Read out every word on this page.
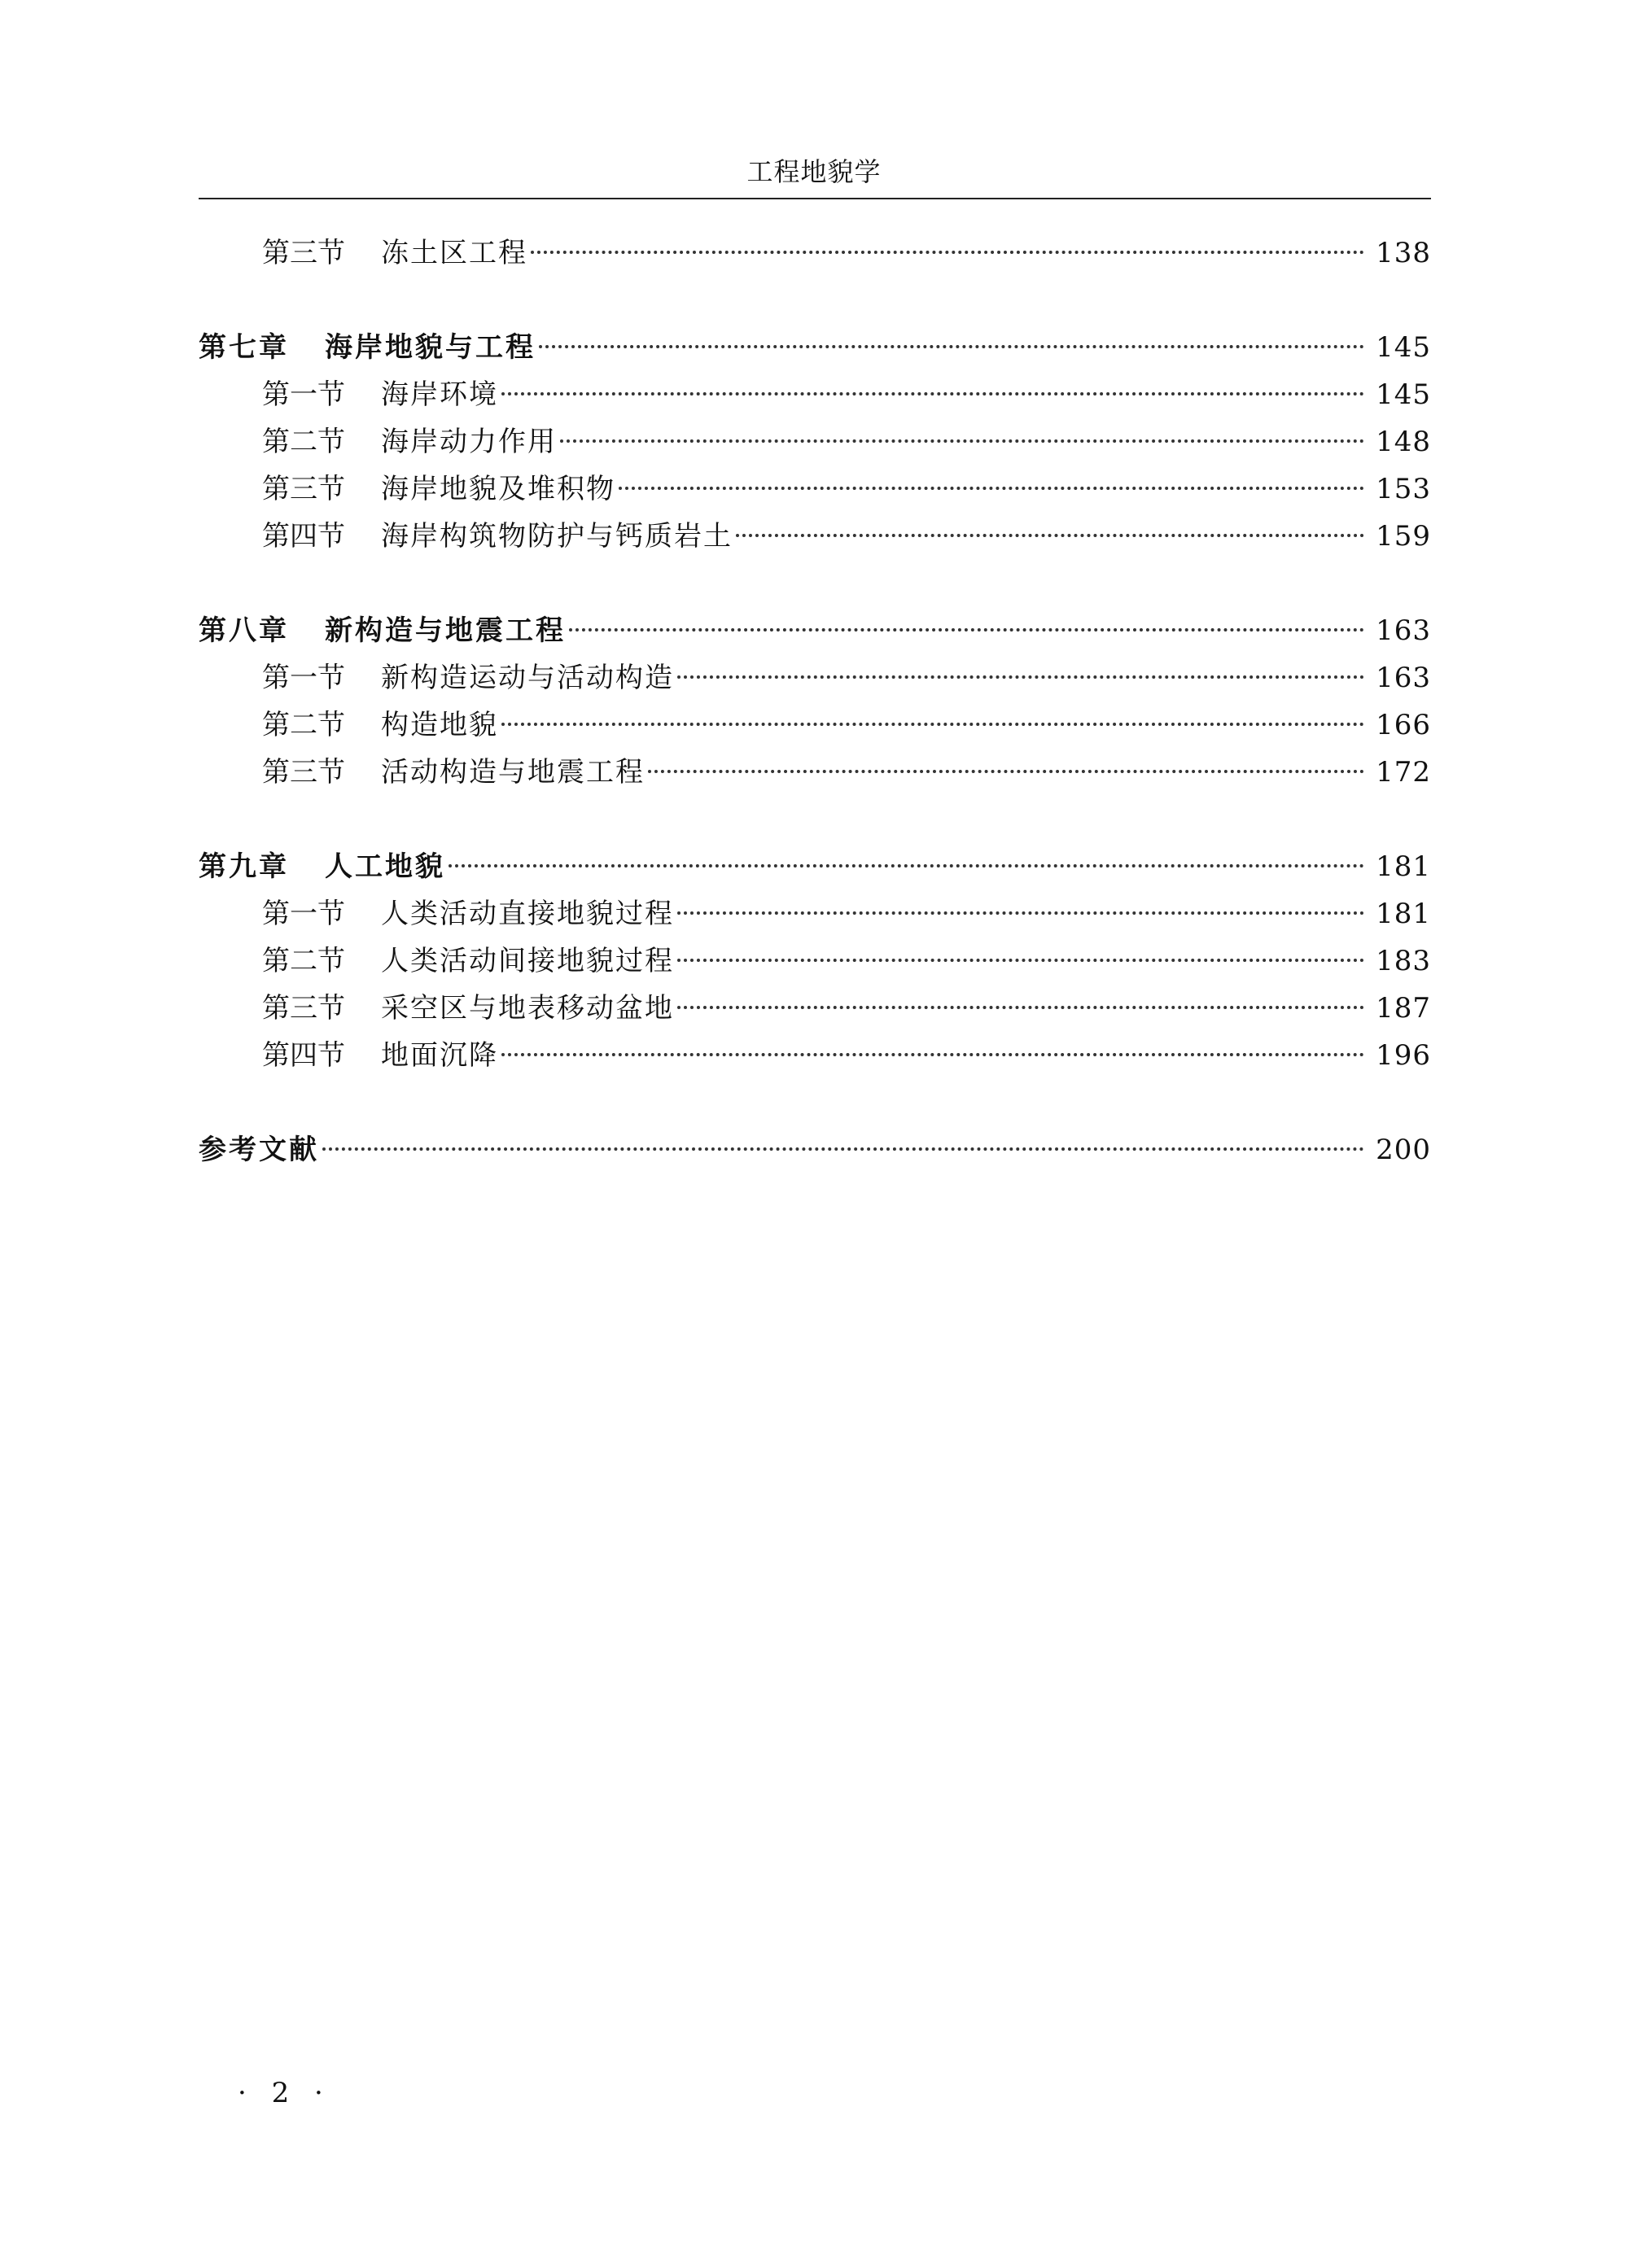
工程地貌学
第三节 冻土区工程	138
第七章 海岸地貌与工程	145
第一节 海岸环境	145
第二节 海岸动力作用	148
第三节 海岸地貌及堆积物	153
第四节 海岸构筑物防护与钙质岩土	159
第八章 新构造与地震工程	163
第一节 新构造运动与活动构造	163
第二节 构造地貌	166
第三节 活动构造与地震工程	172
第九章 人工地貌	181
第一节 人类活动直接地貌过程	181
第二节 人类活动间接地貌过程	183
第三节 采空区与地表移动盆地	187
第四节 地面沉降	196
参考文献	200
· 2 ·
